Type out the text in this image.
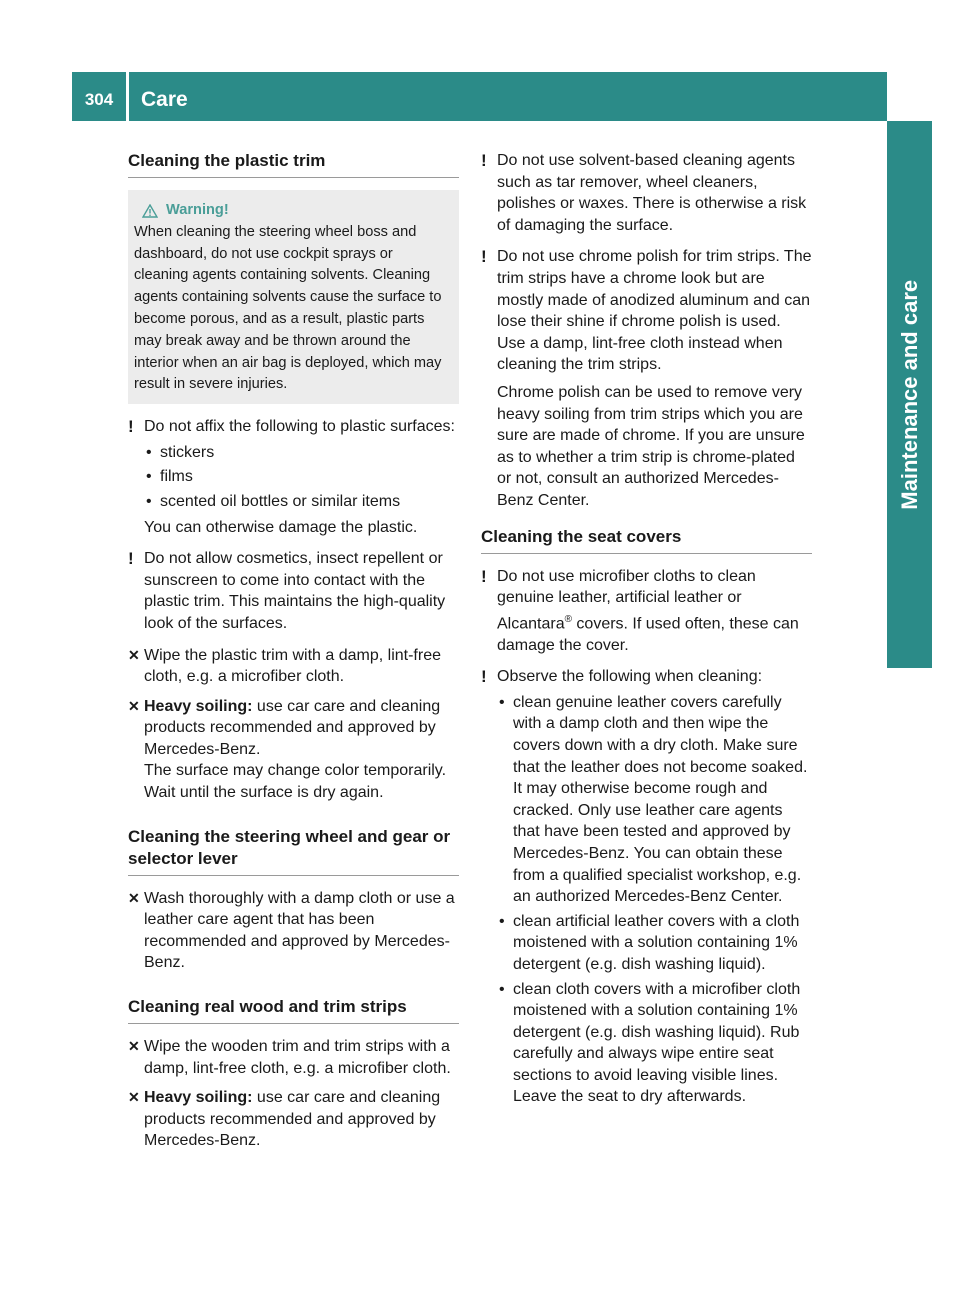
304	Care
Maintenance and care
Cleaning the plastic trim
Warning!
When cleaning the steering wheel boss and dashboard, do not use cockpit sprays or cleaning agents containing solvents. Cleaning agents containing solvents cause the surface to become porous, and as a result, plastic parts may break away and be thrown around the interior when an air bag is deployed, which may result in severe injuries.
! Do not affix the following to plastic surfaces:
• stickers
• films
• scented oil bottles or similar items
You can otherwise damage the plastic.
! Do not allow cosmetics, insect repellent or sunscreen to come into contact with the plastic trim. This maintains the high-quality look of the surfaces.
✕ Wipe the plastic trim with a damp, lint-free cloth, e.g. a microfiber cloth.
✕ Heavy soiling: use car care and cleaning products recommended and approved by Mercedes-Benz.
The surface may change color temporarily. Wait until the surface is dry again.
Cleaning the steering wheel and gear or selector lever
✕ Wash thoroughly with a damp cloth or use a leather care agent that has been recommended and approved by Mercedes-Benz.
Cleaning real wood and trim strips
✕ Wipe the wooden trim and trim strips with a damp, lint-free cloth, e.g. a microfiber cloth.
✕ Heavy soiling: use car care and cleaning products recommended and approved by Mercedes-Benz.
! Do not use solvent-based cleaning agents such as tar remover, wheel cleaners, polishes or waxes. There is otherwise a risk of damaging the surface.
! Do not use chrome polish for trim strips. The trim strips have a chrome look but are mostly made of anodized aluminum and can lose their shine if chrome polish is used. Use a damp, lint-free cloth instead when cleaning the trim strips.
Chrome polish can be used to remove very heavy soiling from trim strips which you are sure are made of chrome. If you are unsure as to whether a trim strip is chrome-plated or not, consult an authorized Mercedes-Benz Center.
Cleaning the seat covers
! Do not use microfiber cloths to clean genuine leather, artificial leather or Alcantara® covers. If used often, these can damage the cover.
! Observe the following when cleaning:
• clean genuine leather covers carefully with a damp cloth and then wipe the covers down with a dry cloth. Make sure that the leather does not become soaked. It may otherwise become rough and cracked. Only use leather care agents that have been tested and approved by Mercedes-Benz. You can obtain these from a qualified specialist workshop, e.g. an authorized Mercedes-Benz Center.
• clean artificial leather covers with a cloth moistened with a solution containing 1% detergent (e.g. dish washing liquid).
• clean cloth covers with a microfiber cloth moistened with a solution containing 1% detergent (e.g. dish washing liquid). Rub carefully and always wipe entire seat sections to avoid leaving visible lines. Leave the seat to dry afterwards.
